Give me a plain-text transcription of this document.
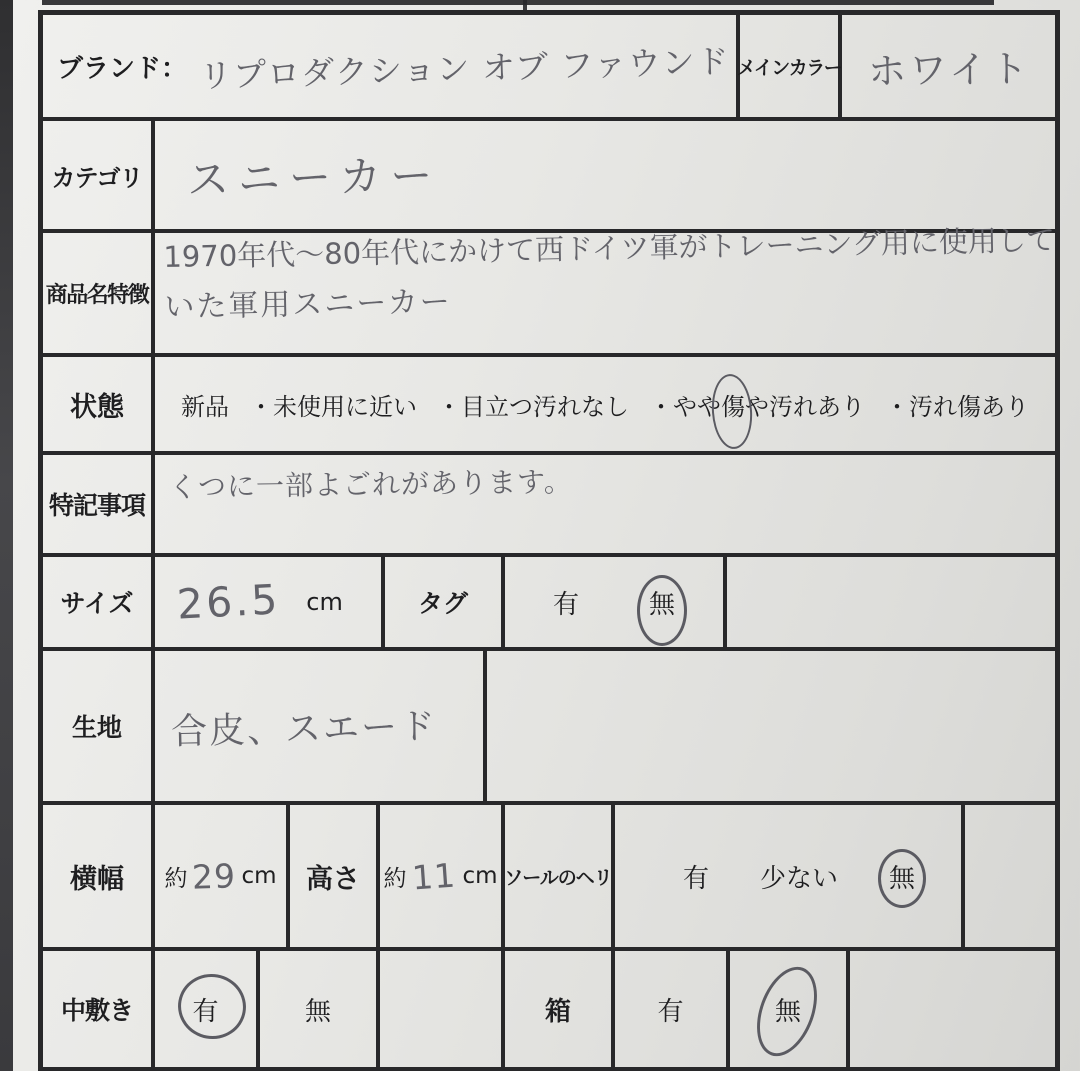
ブランド： リプロダクション オブ ファウンド メインカラー ホワイト
カテゴリ スニーカー
商品名特徴
1970年代〜80年代にかけて西ドイツ軍がトレーニング用に使用して
いた軍用スニーカー
状態 新品 ・未使用に近い ・目立つ汚れなし ・やや傷や汚れあり ・汚れ傷あり
特記事項
くつに一部よごれがあります。
サイズ 26.5 cm	タグ	有	無
生地 合皮、スエード
横幅 約 29 cm 高さ 約 11 cm ソールのヘリ	有 少ない 無
中敷き 有	無	箱	有	無
